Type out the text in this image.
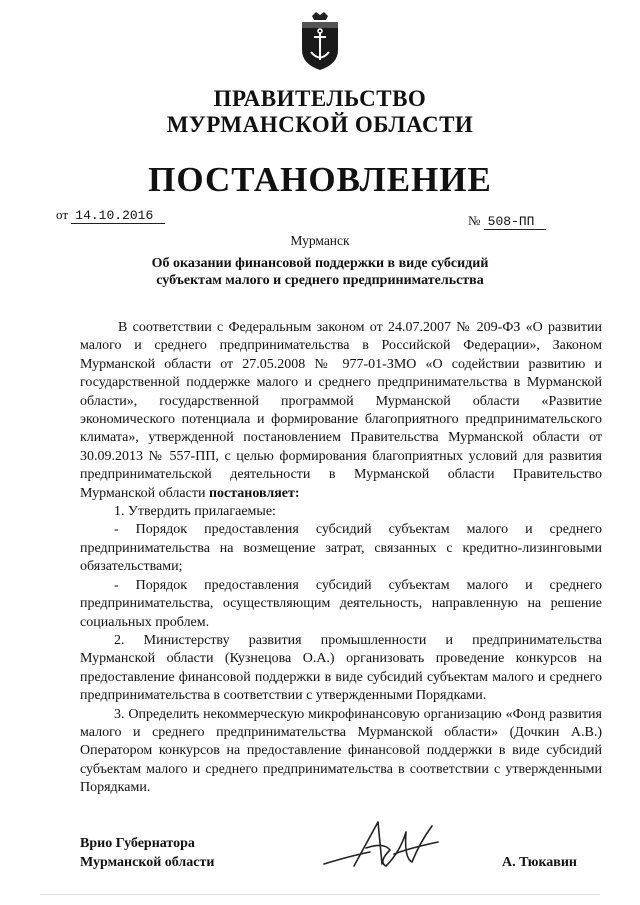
ПРАВИТЕЛЬСТВО
МУРМАНСКОЙ ОБЛАСТИ
ПОСТАНОВЛЕНИЕ
от 14.10.2016	№ 508-ПП
Мурманск
Об оказании финансовой поддержки в виде субсидий
субъектам малого и среднего предпринимательства

В соответствии с Федеральным законом от 24.07.2007 № 209-ФЗ «О развитии малого и среднего предпринимательства в Российской Федерации», Законом Мурманской области от 27.05.2008 № 977-01-ЗМО «О содействии развитию и государственной поддержке малого и среднего предпринимательства в Мурманской области», государственной программой Мурманской области «Развитие экономического потенциала и формирование благоприятного предпринимательского климата», утвержденной постановлением Правительства Мурманской области от 30.09.2013 № 557-ПП, с целью формирования благоприятных условий для развития предпринимательской деятельности в Мурманской области Правительство Мурманской области постановляет:

1. Утвердить прилагаемые:

- Порядок предоставления субсидий субъектам малого и среднего предпринимательства на возмещение затрат, связанных с кредитно-лизинговыми обязательствами;

- Порядок предоставления субсидий субъектам малого и среднего предпринимательства, осуществляющим деятельность, направленную на решение социальных проблем.

2. Министерству развития промышленности и предпринимательства Мурманской области (Кузнецова О.А.) организовать проведение конкурсов на предоставление финансовой поддержки в виде субсидий субъектам малого и среднего предпринимательства в соответствии с утвержденными Порядками.

3. Определить некоммерческую микрофинансовую организацию «Фонд развития малого и среднего предпринимательства Мурманской области» (Дочкин А.В.) Оператором конкурсов на предоставление финансовой поддержки в виде субсидий субъектам малого и среднего предпринимательства в соответствии с утвержденными Порядками.

Врио Губернатора
Мурманской области	А. Тюкавин
